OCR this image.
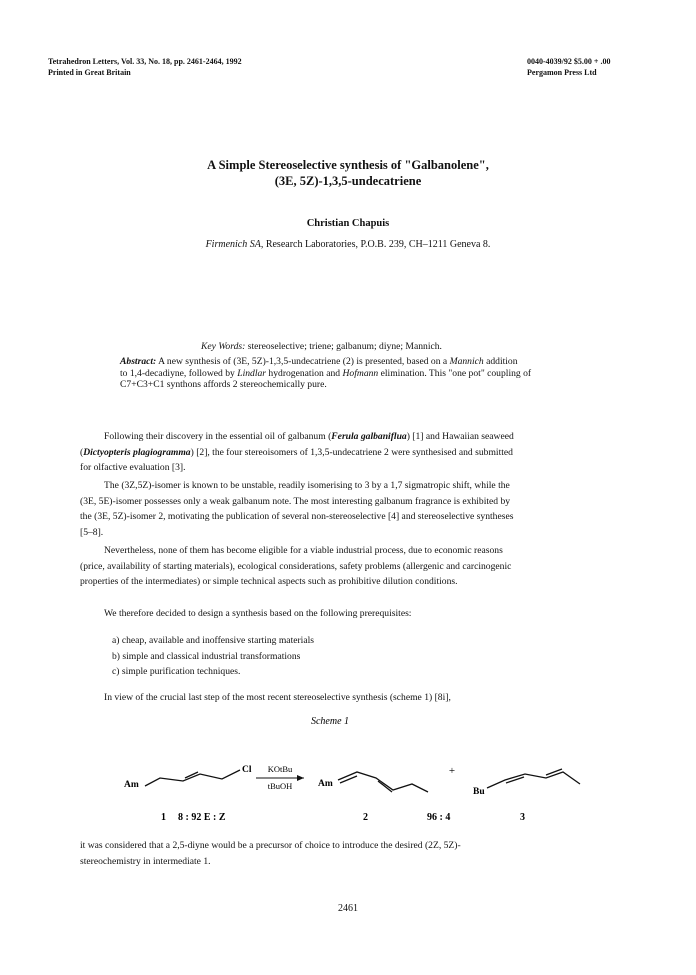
Tetrahedron Letters, Vol. 33, No. 18, pp. 2461-2464, 1992
Printed in Great Britain
0040-4039/92 $5.00 + .00
Pergamon Press Ltd
A Simple Stereoselective synthesis of "Galbanolene",
(3E, 5Z)-1,3,5-undecatriene
Christian Chapuis
Firmenich SA, Research Laboratories, P.O.B. 239, CH–1211 Geneva 8.
Key Words: stereoselective; triene; galbanum; diyne; Mannich.
Abstract: A new synthesis of (3E, 5Z)-1,3,5-undecatriene (2) is presented, based on a Mannich addition
to 1,4-decadiyne, followed by Lindlar hydrogenation and Hofmann elimination. This "one pot" coupling of
C7+C3+C1 synthons affords 2 stereochemically pure.
Following their discovery in the essential oil of galbanum (Ferula galbaniflua) [1] and Hawaiian seaweed
(Dictyopteris plagiogramma) [2], the four stereoisomers of 1,3,5-undecatriene 2 were synthesised and submitted
for olfactive evaluation [3].
The (3Z,5Z)-isomer is known to be unstable, readily isomerising to 3 by a 1,7 sigmatropic shift, while the
(3E, 5E)-isomer possesses only a weak galbanum note. The most interesting galbanum fragrance is exhibited by
the (3E, 5Z)-isomer 2, motivating the publication of several non-stereoselective [4] and stereoselective syntheses
[5–8].
Nevertheless, none of them has become eligible for a viable industrial process, due to economic reasons
(price, availability of starting materials), ecological considerations, safety problems (allergenic and carcinogenic
properties of the intermediates) or simple technical aspects such as prohibitive dilution conditions.
We therefore decided to design a synthesis based on the following prerequisites:
a) cheap, available and inoffensive starting materials
b) simple and classical industrial transformations
c) simple purification techniques.
In view of the crucial last step of the most recent stereoselective synthesis (scheme 1) [8i],
Scheme 1
Am
Cl KOtBu
tBuOH	Am
+
Bu
1 8 : 92 E : Z	2	96 : 4	3
it was considered that a 2,5-diyne would be a precursor of choice to introduce the desired (2Z, 5Z)-
stereochemistry in intermediate 1.
2461
